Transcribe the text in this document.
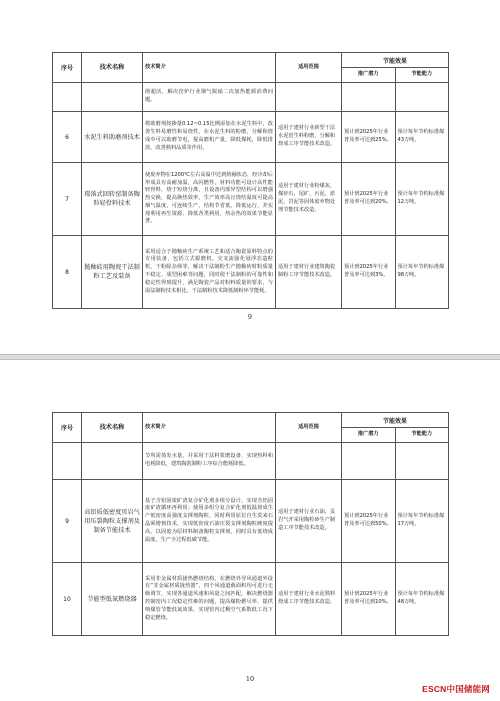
序号	技术名称	技术简介	适用范围	节能效果	
				推广潜力	节能能力
		削超活，解决窑炉行业烟气脱硝二次加热能源消费问题。			
6	水泥生料助磨剂技术	将助磨剂按掺量0.12~0.15比例添加在水泥生料中，改善生料易磨性和易烧性，在水泥生料的粉磨，分解和烧成中可以助磨节电，提高磨机产量，降低煤耗，降低排放，改善熟料品质等作用。	适用于建材行业新型干法水泥窑生料粉磨，分解和烧成工序节能技术改造。	预计到2025年行业普及率可达到25%。	预计每年节约标准煤43万吨。
7	璟落式回转窑制备陶粒轻骨料技术	使废弃物在1200℃左右高温中达到熔融状态，经冷却后形成具有高耐加温，高闪燃性，材料功能可设计高性能轻骨料，烧于短烧分离，且设备内部异型结构可以增强热交换，提高换热效率，生产效率高且烧结温度可提高烟气温度，可连续生产，结构节省低，降低运行，并实现利用再生资源、降低各类利用，热余热的效果节能显著。	适用于建材行业粉煤灰，煤矸石，尾矿，污泥，淤泥，岩泥等固体废弃物处理节能技术改造。	预计到2025年行业普及率可达到20%。	预计每年节约标准煤12万吨。
8	抛釉砖用陶瓷干法制粉工艺及装备	采用适合于抛釉砖生产系统工艺和适合陶瓷原料特点的专用装备，包括立式辊磨机，交叉流强化悬浮态造粒机，干粉除杂筛等，解决干法制粉生产抛釉砖时粉质量不稳定、成型困难等问题，同时使干法制粉的可靠性和稳定性得到提升，满足陶瓷产品对粉料质量的要求，与湿法制粉技术相比，干法制粉技术降低制粉环节能耗。	适用于建材行业建筑陶瓷制粉工序节能技术改造。	预计到2025年行业普及率可达到3%。	预计每年节约标准煤98万吨。
9
序号	技术名称	技术简介	适用范围	节能效果	
				推广潜力	节能能力
		节所需蒸发水量，并采用干法料浆磨设备，实现热料和电耗降低，建筑陶瓷制粉工序综合能耗降低。			
9	高铝质低密度页岩气用压裂陶粒支撑剂及制备节能技术	基于含铝固废矿渣复合矿化剂多组分设计，实现含铝固废矿渣循环再利用；使用多组分复合矿化剂低温烧成生产低密度高强度支撑剂陶粒，同时利用原位自生莫来石晶须增韧技术，实现低密度石油压裂支撑剂陶粒硬度提高，以固废为原材料制备陶粒支撑剂，同时具有低烧成温度，生产全过程低碳节能。	适用于建材行业石油，页岩气开采用陶粒砂生产制造工序节能技术改造。	预计到2025年行业普及率可达到50%。	预计每年节约标准煤17万吨。
10	节能型低氮燃烧器	采用非金属材质拢热燃烧结构，在燃烧外导风通道外设有“非金属材质拢热器”，四个风通道截面积均可进行无级调节，实现各通道风速和风量之间匹配，解决燃烧器控制窑内工况稳定性难的问题，提高煤粉燃尽率，提供喷煤管节能低氮效果，实现窑内过剩空气系数低工况下稳定燃烧。	适用于建材行业水泥熟料烧成工序节能技术改造。	预计到2025年行业普及率可达到10%。	预计每年节约标准煤48万吨。
10
ESCN中国储能网
